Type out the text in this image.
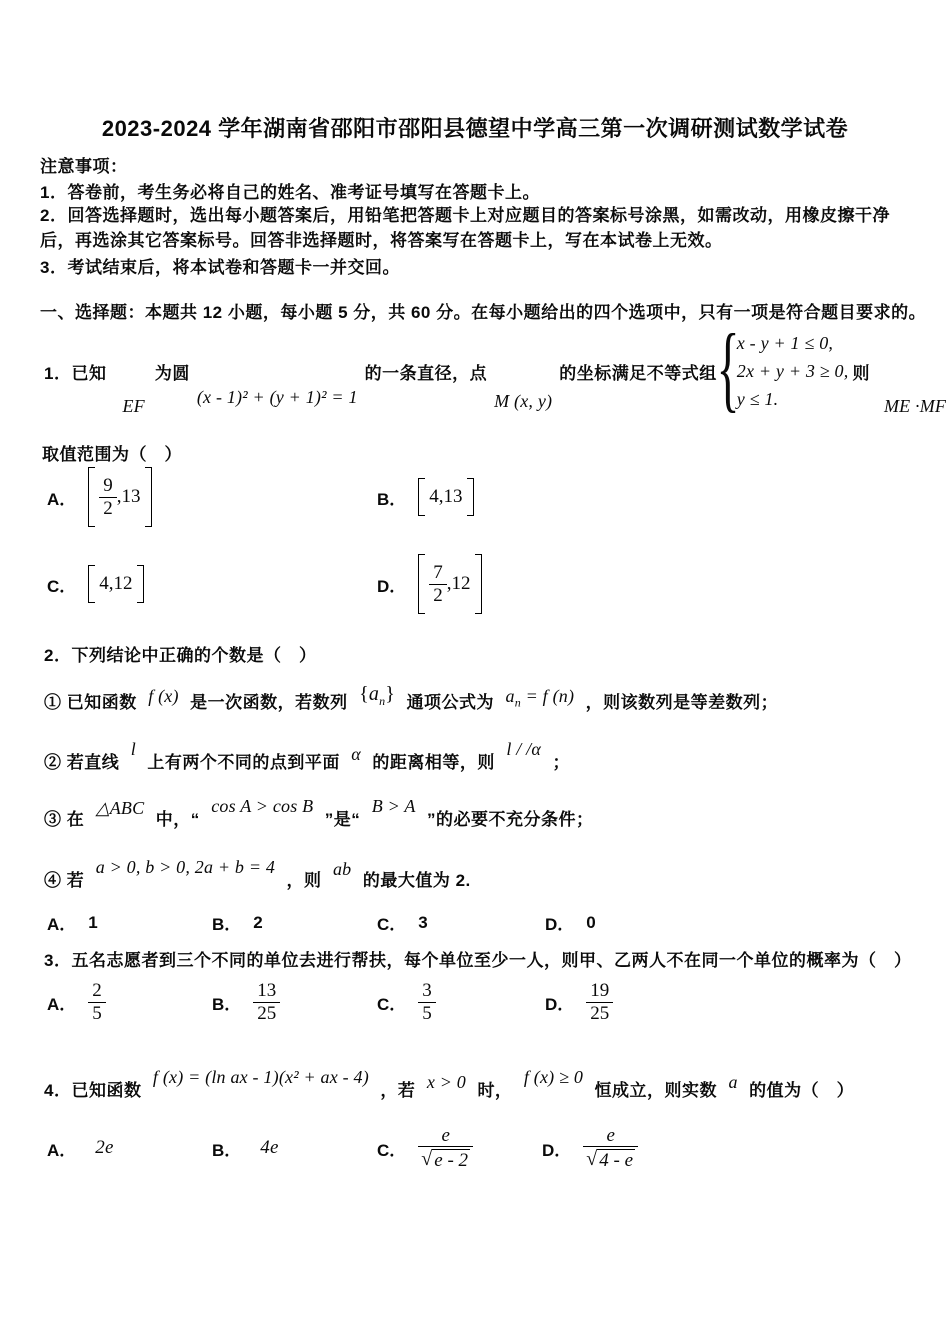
2023-2024 学年湖南省邵阳市邵阳县德望中学高三第一次调研测试数学试卷
注意事项：
1．答卷前，考生务必将自己的姓名、准考证号填写在答题卡上。
2．回答选择题时，选出每小题答案后，用铅笔把答题卡上对应题目的答案标号涂黑，如需改动，用橡皮擦干净后，再选涂其它答案标号。回答非选择题时，将答案写在答题卡上，写在本试卷上无效。
3．考试结束后，将本试卷和答题卡一并交回。
一、选择题：本题共 12 小题，每小题 5 分，共 60 分。在每小题给出的四个选项中，只有一项是符合题目要求的。
1．已知
EF
为圆
(x - 1)² + (y + 1)² = 1
的一条直径，点
M (x, y)
的坐标满足不等式组 {
x - y + 1 ≤ 0,
2x + y + 3 ≥ 0,
y ≤ 1.
则
ME ·MF
取值范围为（　）
A． $\frac{9}{2} ,13$	B． 4,13
C． 4,12	D． $\frac{7}{2} ,12$
2．下列结论中正确的个数是（　）
① 已知函数 f (x) 是一次函数，若数列 $\{a_n\}$ 通项公式为 $a_n = f$ (n) ，则该数列是等差数列；
② 若直线 l 上有两个不同的点到平面 α 的距离相等，则 l / /α ；
③ 在 △ABC 中，“ cos A > cos B ”是“ B > A ”的必要不充分条件；
④ 若 a > 0, b > 0, 2a + b = 4 ，则 ab 的最大值为 2.
A． 1	B． 2	C． 3	D． 0
3．五名志愿者到三个不同的单位去进行帮扶，每个单位至少一人，则甲、乙两人不在同一个单位的概率为（　）
A． $\frac{2}{5}$	B． $\frac{13}{25}$	C． $\frac{3}{5}$	D． $\frac{19}{25}$
4．已知函数 f (x) = (ln ax - 1)(x² + ax - 4) ，若 x > 0 时， f (x) ≥ 0 恒成立，则实数 a 的值为（　）
A． 2e	B． 4e	C． $\frac{e}{√ e - 2}$	D． $\frac{e}{√ 4 - e}$
